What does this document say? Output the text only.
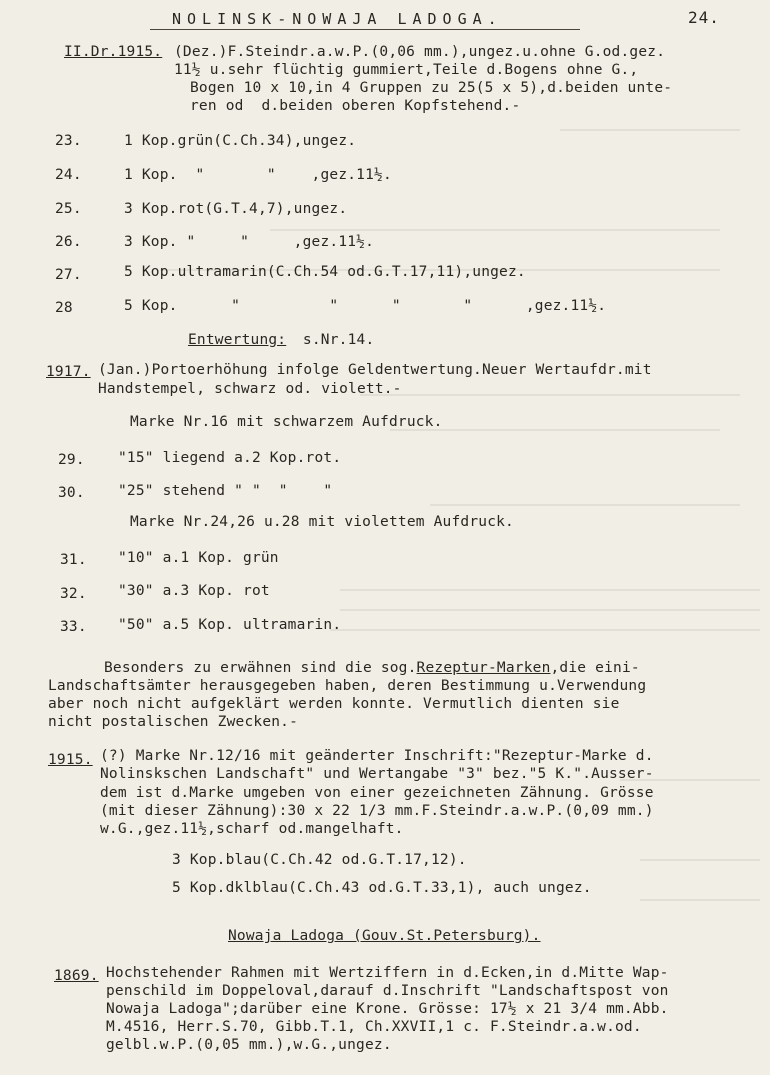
NOLINSK-NOWAJA LADOGA.	24.
II.Dr.1915. (Dez.)F.Steindr.a.w.P.(0,06 mm.),ungez.u.ohne G.od.gez.
11½ u.sehr flüchtig gummiert,Teile d.Bogens ohne G.,
Bogen 10 x 10,in 4 Gruppen zu 25(5 x 5),d.beiden unte-
ren od  d.beiden oberen Kopfstehend.-
23.	1 Kop.grün(C.Ch.34),ungez.
24.	1 Kop.  "       "    ,gez.11½.
25.	3 Kop.rot(G.T.4,7),ungez.
26.	3 Kop. "     "     ,gez.11½.
27.	5 Kop.ultramarin(C.Ch.54 od.G.T.17,11),ungez.
28	5 Kop.      "          "      "       "      ,gez.11½.
Entwertung: s.Nr.14.
1917. (Jan.)Portoerhöhung infolge Geldentwertung.Neuer Wertaufdr.mit
Handstempel, schwarz od. violett.-
Marke Nr.16 mit schwarzem Aufdruck.
29. "15" liegend a.2 Kop.rot.
30. "25" stehend " "  "    "
Marke Nr.24,26 u.28 mit violettem Aufdruck.
31. "10" a.1 Kop. grün
32. "30" a.3 Kop. rot
33. "50" a.5 Kop. ultramarin.
Besonders zu erwähnen sind die sog.Rezeptur-Marken,die eini-
Landschaftsämter herausgegeben haben, deren Bestimmung u.Verwendung
aber noch nicht aufgeklärt werden konnte. Vermutlich dienten sie
nicht postalischen Zwecken.-
1915. (?) Marke Nr.12/16 mit geänderter Inschrift:"Rezeptur-Marke d.
Nolinskschen Landschaft" und Wertangabe "3" bez."5 K.".Ausser-
dem ist d.Marke umgeben von einer gezeichneten Zähnung. Grösse
(mit dieser Zähnung):30 x 22 1/3 mm.F.Steindr.a.w.P.(0,09 mm.)
w.G.,gez.11½,scharf od.mangelhaft.
3 Kop.blau(C.Ch.42 od.G.T.17,12).
5 Kop.dklblau(C.Ch.43 od.G.T.33,1), auch ungez.
Nowaja Ladoga (Gouv.St.Petersburg).
1869. Hochstehender Rahmen mit Wertziffern in d.Ecken,in d.Mitte Wap-
penschild im Doppeloval,darauf d.Inschrift "Landschaftspost von
Nowaja Ladoga";darüber eine Krone. Grösse: 17½ x 21 3/4 mm.Abb.
M.4516, Herr.S.70, Gibb.T.1, Ch.XXVII,1 c. F.Steindr.a.w.od.
gelbl.w.P.(0,05 mm.),w.G.,ungez.
